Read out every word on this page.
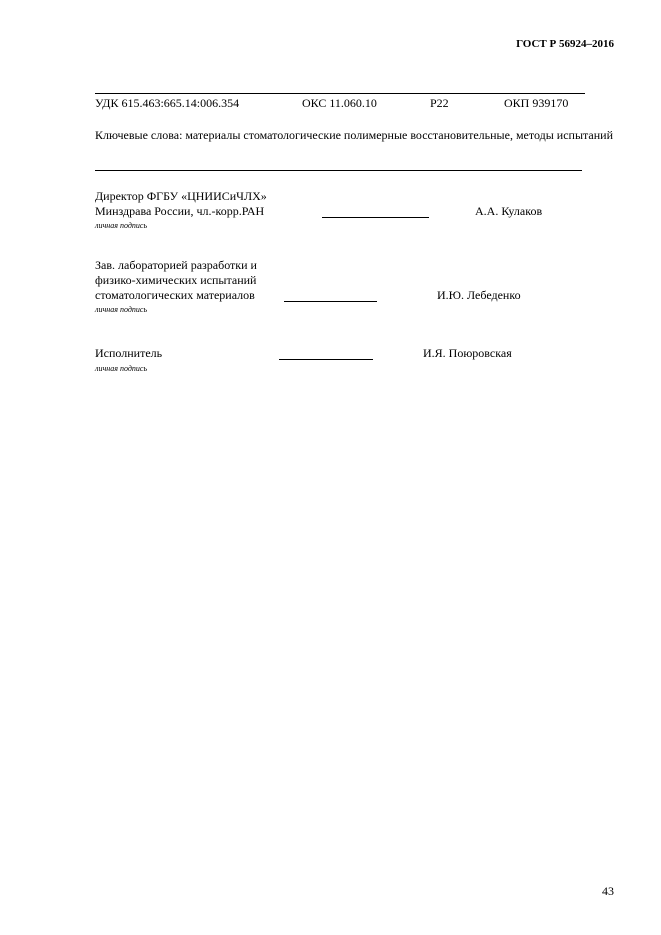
ГОСТ Р 56924–2016
УДК 615.463:665.14:006.354	ОКС 11.060.10	Р22	ОКП 939170
Ключевые слова: материалы стоматологические полимерные восстановительные, методы испытаний
Директор ФГБУ «ЦНИИСиЧЛХ»
Минздрава России, чл.-корр.РАН	А.А. Кулаков
личная подпись
Зав. лабораторией разработки и
физико-химических испытаний
стоматологических материалов	И.Ю. Лебеденко
личная подпись
Исполнитель	И.Я. Поюровская
личная подпись
43
